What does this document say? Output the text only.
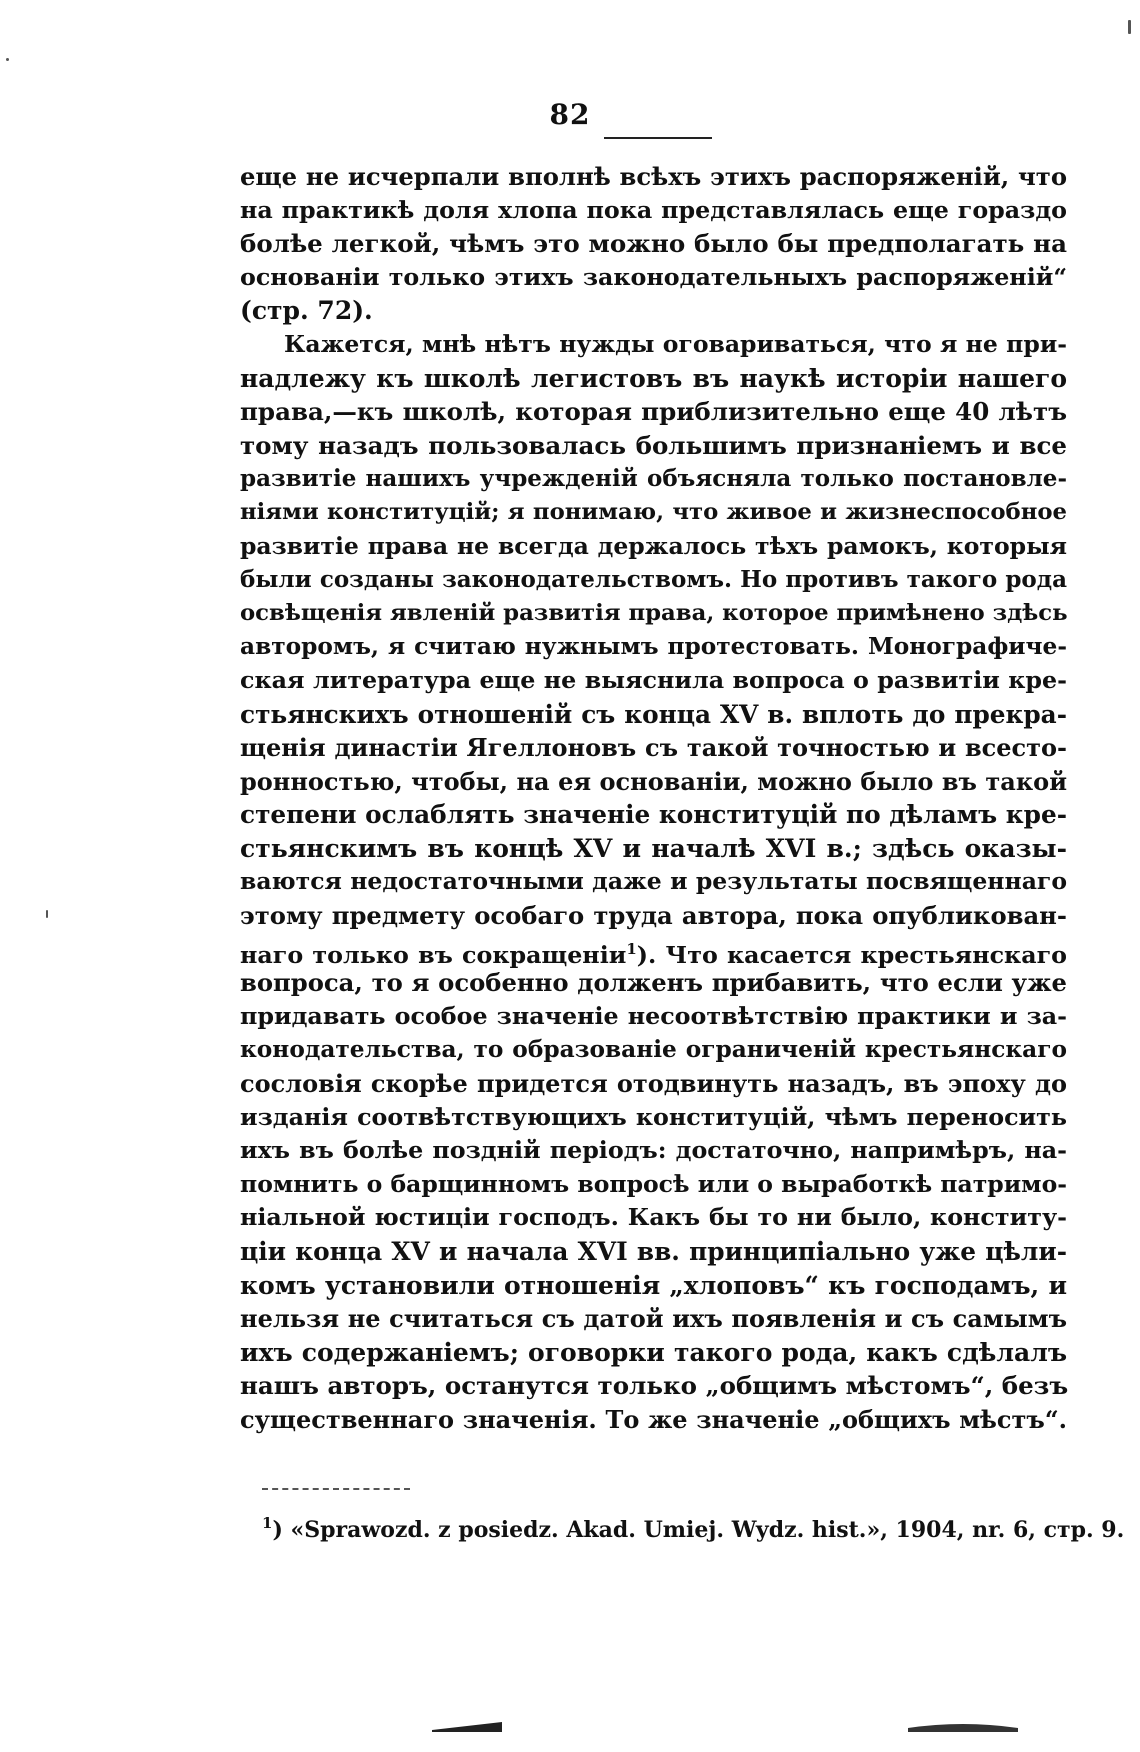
82
еще не исчерпали вполнѣ всѣхъ этихъ распоряженій, что
на практикѣ доля хлопа пока представлялась еще гораздо
болѣе легкой, чѣмъ это можно было бы предполагать на
основаніи только этихъ законодательныхъ распоряженій“
(стр. 72).
Кажется, мнѣ нѣтъ нужды оговариваться, что я не при-
надлежу къ школѣ легистовъ въ наукѣ исторіи нашего
права,—къ школѣ, которая приблизительно еще 40 лѣтъ
тому назадъ пользовалась большимъ признаніемъ и все
развитіе нашихъ учрежденій объясняла только постановле-
ніями конституцій; я понимаю, что живое и жизнеспособное
развитіе права не всегда держалось тѣхъ рамокъ, которыя
были созданы законодательствомъ. Но противъ такого рода
освѣщенія явленій развитія права, которое примѣнено здѣсь
авторомъ, я считаю нужнымъ протестовать. Монографиче-
ская литература еще не выяснила вопроса о развитіи кре-
стьянскихъ отношеній съ конца XV в. вплоть до прекра-
щенія династіи Ягеллоновъ съ такой точностью и всесто-
ронностью, чтобы, на ея основаніи, можно было въ такой
степени ослаблять значеніе конституцій по дѣламъ кре-
стьянскимъ въ концѣ XV и началѣ XVI в.; здѣсь оказы-
ваются недостаточными даже и результаты посвященнаго
этому предмету особаго труда автора, пока опубликован-
наго только въ сокращеніи$^1$). Что касается крестьянскаго
вопроса, то я особенно долженъ прибавить, что если уже
придавать особое значеніе несоотвѣтствію практики и за-
конодательства, то образованіе ограниченій крестьянскаго
сословія скорѣе придется отодвинуть назадъ, въ эпоху до
изданія соотвѣтствующихъ конституцій, чѣмъ переносить
ихъ въ болѣе поздній періодъ: достаточно, напримѣръ, на-
помнить о барщинномъ вопросѣ или о выработкѣ патримо-
ніальной юстиціи господъ. Какъ бы то ни было, конститу-
ціи конца XV и начала XVI вв. принципіально уже цѣли-
комъ установили отношенія „хлоповъ“ къ господамъ, и
нельзя не считаться съ датой ихъ появленія и съ самымъ
ихъ содержаніемъ; оговорки такого рода, какъ сдѣлалъ
нашъ авторъ, останутся только „общимъ мѣстомъ“, безъ
существеннаго значенія. То же значеніе „общихъ мѣстъ“.
$^1$) «Sprawozd. z posiedz. Akad. Umiej. Wydz. hist.», 1904, nr. 6, стр. 9.
